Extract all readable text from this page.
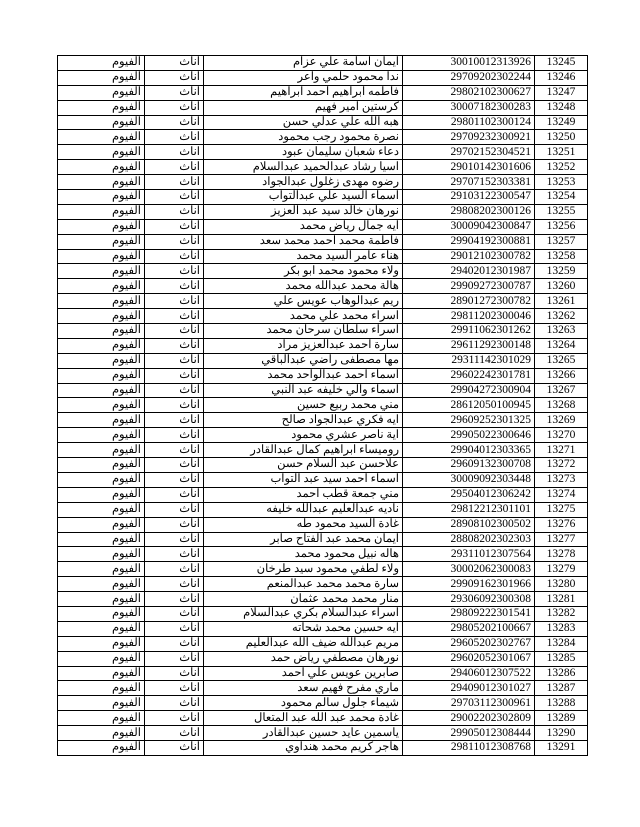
الفيوم	اناث	ايمان اسامة علي عزام	30010012313926	13245
الفيوم	اناث	ندا محمود حلمي واعر	29709202302244	13246
الفيوم	اناث	فاطمه ابراهيم احمد ابراهيم	29802102300627	13247
الفيوم	اناث	كرستين امير فهيم	30007182300283	13248
الفيوم	اناث	هبه الله علي عدلي حسن	29801102300124	13249
الفيوم	اناث	نصرة محمود رجب محمود	29709232300921	13250
الفيوم	اناث	دعاء شعبان سليمان عبود	29702152304521	13251
الفيوم	اناث	اسيا رشاد عبدالحميد عبدالسلام	29010142301606	13252
الفيوم	اناث	رضوه مهدى زغلول عبدالجواد	29707152303381	13253
الفيوم	اناث	اسماء السيد علي عبدالتواب	29103122300547	13254
الفيوم	اناث	نورهان خالد سيد عبد العزيز	29808202300126	13255
الفيوم	اناث	ايه جمال رياض محمد	30009042300847	13256
الفيوم	اناث	فاطمة محمد احمد محمد سعد	29904192300881	13257
الفيوم	اناث	هناء عامر السيد محمد	29012102300782	13258
الفيوم	اناث	ولاء محمود محمد ابو بكر	29402012301987	13259
الفيوم	اناث	هالة محمد عبدالله محمد	29909272300787	13260
الفيوم	اناث	ريم عبدالوهاب عويس علي	28901272300782	13261
الفيوم	اناث	اسراء محمد علي محمد	29811202300046	13262
الفيوم	اناث	اسراء سلطان سرحان محمد	29911062301262	13263
الفيوم	اناث	سارة احمد عبدالعزيز مراد	29611292300148	13264
الفيوم	اناث	مها مصطفى راضي عبدالباقي	29311142301029	13265
الفيوم	اناث	اسماء احمد عبدالواحد محمد	29602242301781	13266
الفيوم	اناث	اسماء والي خليفه عبد النبي	29904272300904	13267
الفيوم	اناث	مني محمد ربيع حسين	28612050100945	13268
الفيوم	اناث	ايه فكري عبدالجواد صالح	29609252301325	13269
الفيوم	اناث	اية ناصر عشري محمود	29905022300646	13270
الفيوم	اناث	روميساء ابراهيم كمال عبدالقادر	29904012303365	13271
الفيوم	اناث	علاحسن عبد السلام حسن	29609132300708	13272
الفيوم	اناث	اسماء احمد سيد عبد التواب	30009092303448	13273
الفيوم	اناث	مني جمعة قطب احمد	29504012306242	13274
الفيوم	اناث	ناديه عبدالعليم عبدالله خليفه	29812212301101	13275
الفيوم	اناث	غادة السيد محمود طه	28908102300502	13276
الفيوم	اناث	ايمان محمد عبد الفتاح صابر	28808202302303	13277
الفيوم	اناث	هاله نبيل محمود محمد	29311012307564	13278
الفيوم	اناث	ولاء لطفي محمود سيد طرخان	30002062300083	13279
الفيوم	اناث	سارة محمد محمد عبدالمنعم	29909162301966	13280
الفيوم	اناث	منار محمد محمد عثمان	29306092300308	13281
الفيوم	اناث	اسراء عبدالسلام بكري عبدالسلام	29809222301541	13282
الفيوم	اناث	ايه حسين محمد شحاته	29805202100667	13283
الفيوم	اناث	مريم عبدالله ضيف الله عبدالعليم	29605202302767	13284
الفيوم	اناث	نورهان مصطفي رياض حمد	29602052301067	13285
الفيوم	اناث	صابرين عويس علي احمد	29406012307522	13286
الفيوم	اناث	ماري مفرح فهيم سعد	29409012301027	13287
الفيوم	اناث	شيماء جلول سالم محمود	29703112300961	13288
الفيوم	اناث	غادة محمد عبد الله عبد المتعال	29002202302809	13289
الفيوم	اناث	ياسمين عايد حسين عبدالقادر	29905012308444	13290
الفيوم	اناث	هاجر كريم محمد هنداوي	29811012308768	13291
